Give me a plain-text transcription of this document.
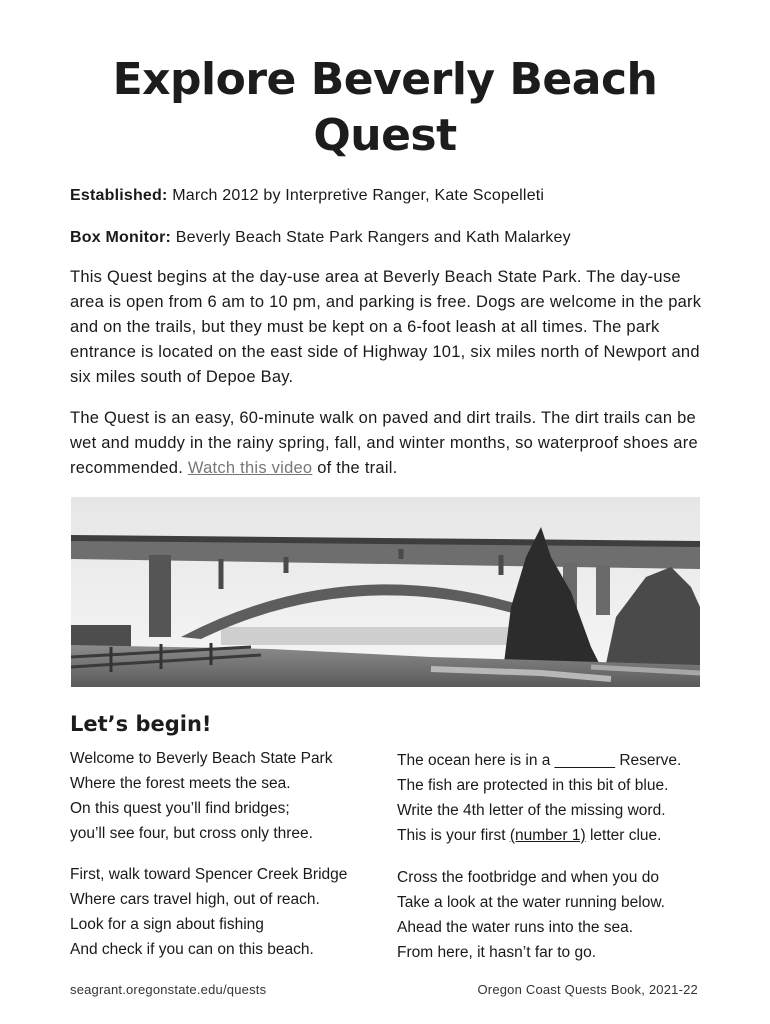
Explore Beverly Beach
Quest
Established: March 2012 by Interpretive Ranger, Kate Scopelleti
Box Monitor: Beverly Beach State Park Rangers and Kath Malarkey
This Quest begins at the day-use area at Beverly Beach State Park. The day-use area is open from 6 am to 10 pm, and parking is free. Dogs are welcome in the park and on the trails, but they must be kept on a 6-foot leash at all times. The park entrance is located on the east side of Highway 101, six miles north of Newport and six miles south of Depoe Bay.
The Quest is an easy, 60-minute walk on paved and dirt trails. The dirt trails can be wet and muddy in the rainy spring, fall, and winter months, so waterproof shoes are recommended. Watch this video of the trail.
Let’s begin!
Welcome to Beverly Beach State Park
Where the forest meets the sea.
On this quest you’ll find bridges;
you’ll see four, but cross only three.
First, walk toward Spencer Creek Bridge
Where cars travel high, out of reach.
Look for a sign about fishing
And check if you can on this beach.
The ocean here is in a _______ Reserve.
The fish are protected in this bit of blue.
Write the 4th letter of the missing word.
This is your first (number 1) letter clue.
Cross the footbridge and when you do
Take a look at the water running below.
Ahead the water runs into the sea.
From here, it hasn’t far to go.
seagrant.oregonstate.edu/quests	Oregon Coast Quests Book, 2021-22
